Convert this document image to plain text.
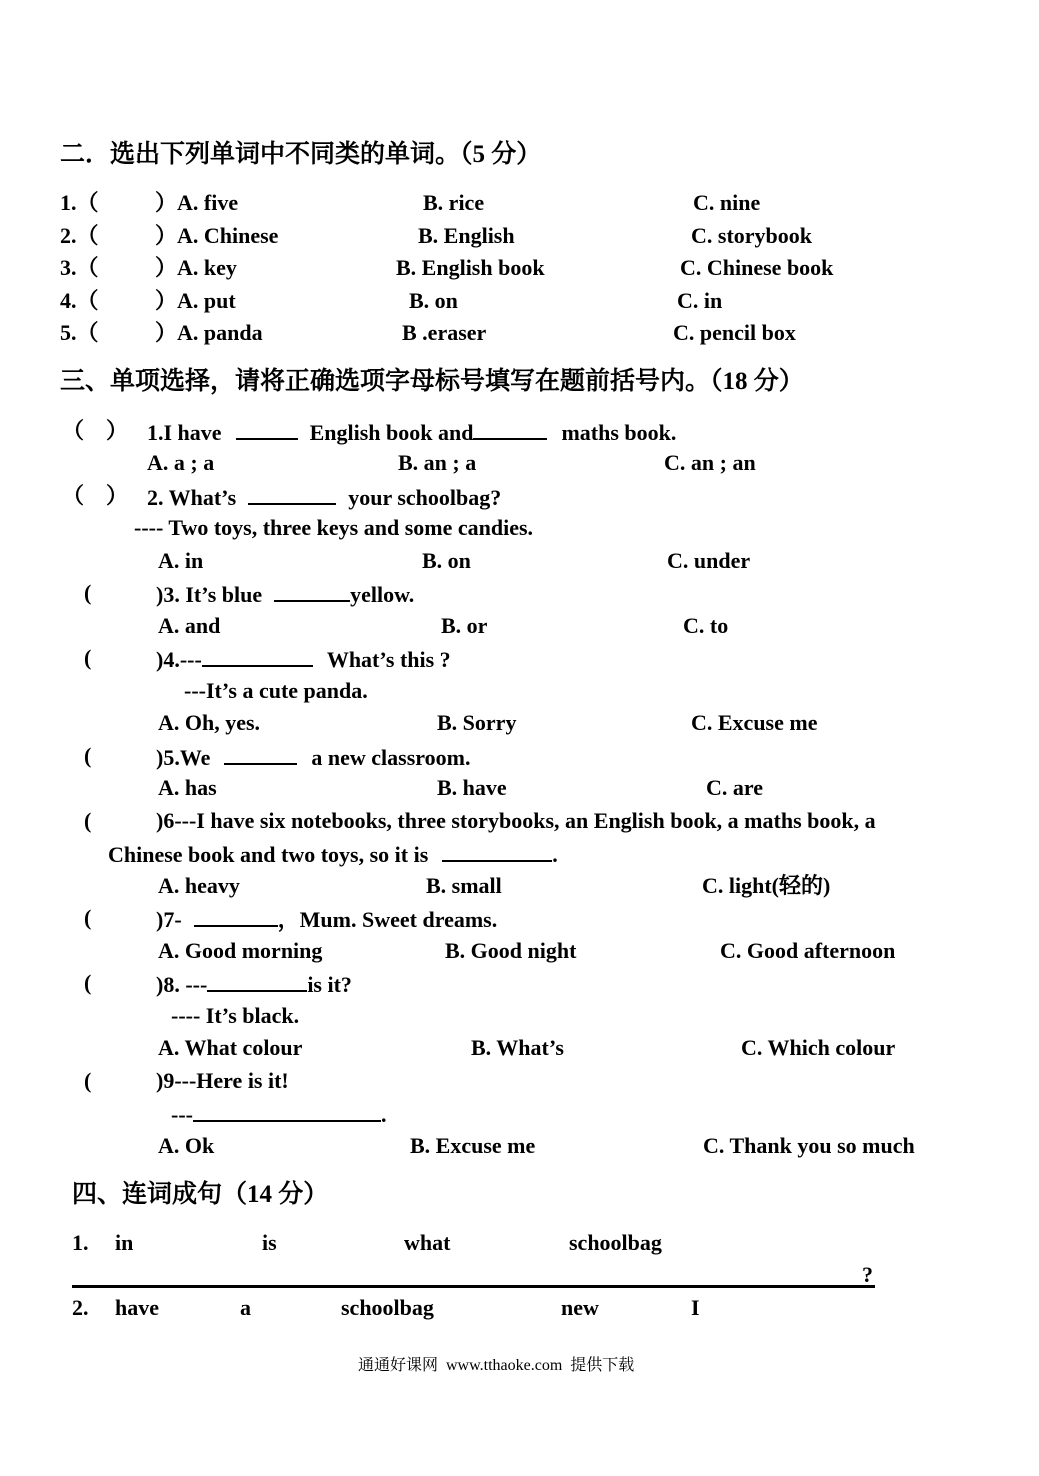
二．选出下列单词中不同类的单词。（5 分）
1.（	）A. five	B. rice	C. nine
2.（	）A. Chinese	B. English	C. storybook
3.（	）A. key	B. English book	C. Chinese book
4.（	）A. put	B. on	C. in
5.（	）A. panda	B .eraser	C. pencil box
三、单项选择，请将正确选项字母标号填写在题前括号内。（18 分）
（　） 1.I have	English book and	maths book.
A. a ; a	B. an ; a	C. an ; an
（　） 2. What’s	your schoolbag?
---- Two toys, three keys and some candies.
A. in	B. on	C. under
(	)3. It’s blue	yellow.
A. and	B. or	C. to
(	)4.---	What’s this ?
---It’s a cute panda.
A. Oh, yes.	B. Sorry	C. Excuse me
(	)5.We	a new classroom.
A. has	B. have	C. are
(	)6---I have six notebooks, three storybooks, an English book, a maths book, a
Chinese book and two toys, so it is	.
A. heavy	B. small	C. light(轻的)
(	)7-	，Mum. Sweet dreams.
A. Good morning	B. Good night	C. Good afternoon
(	)8. ---	is it?
---- It’s black.
A. What colour	B. What’s	C. Which colour
(	)9---Here is it!
---	.
A. Ok	B. Excuse me	C. Thank you so much
四、连词成句（14 分）
1. in	is	what	schoolbag
?
2. have	a	schoolbag	new	I
通通好课网  www.tthaoke.com  提供下载
